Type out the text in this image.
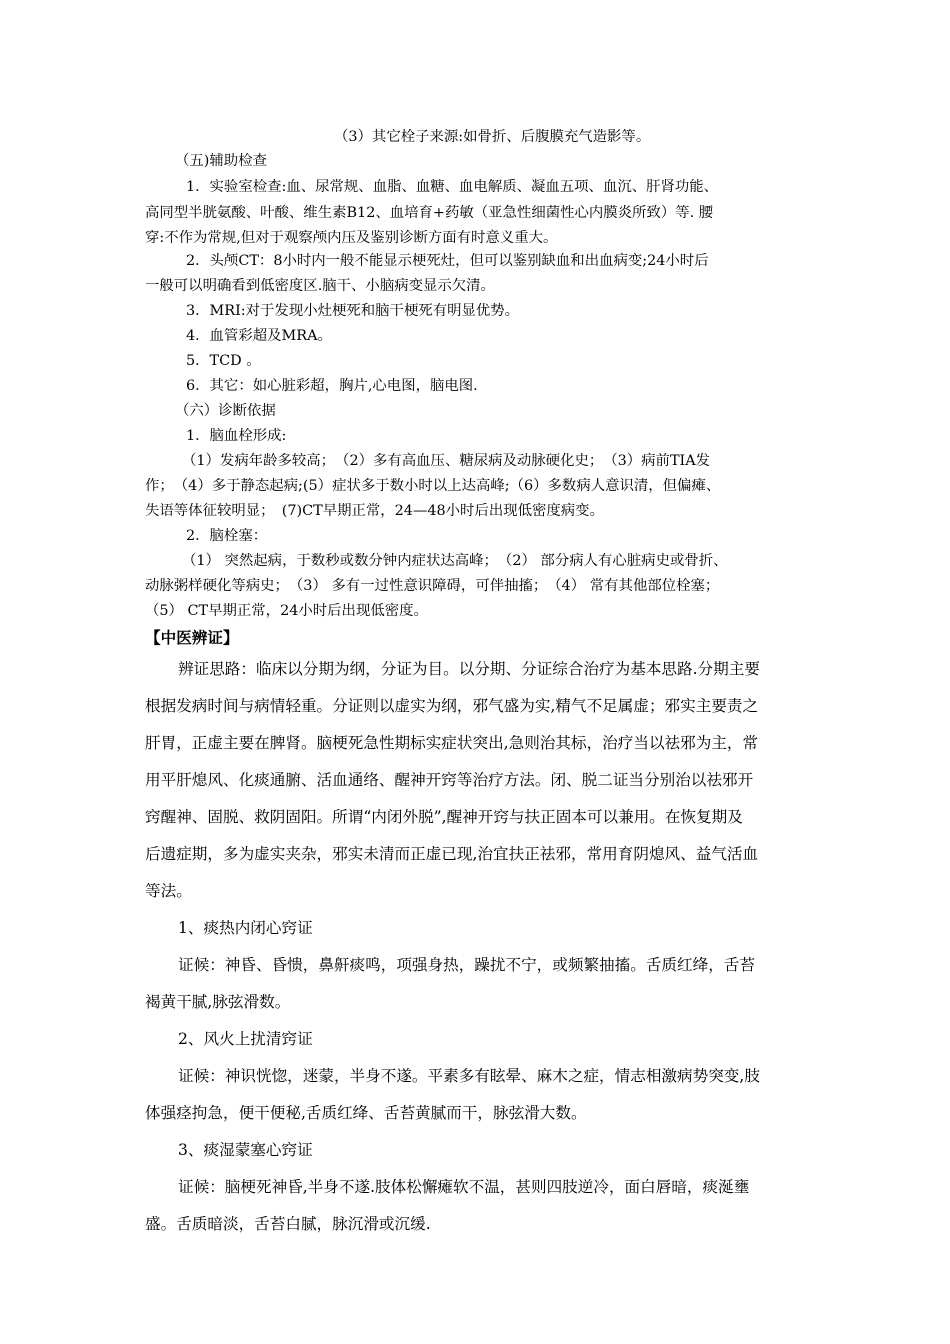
（3）其它栓子来源:如骨折、后腹膜充气造影等。
（五)辅助检查
1．实验室检查:血、尿常规、血脂、血糖、血电解质、凝血五项、血沉、肝肾功能、
高同型半胱氨酸、叶酸、维生素B12、血培育+药敏（亚急性细菌性心内膜炎所致）等. 腰
穿:不作为常规,但对于观察颅内压及鉴别诊断方面有时意义重大。
2．头颅CT：8小时内一般不能显示梗死灶，但可以鉴别缺血和出血病变;24小时后
一般可以明确看到低密度区.脑干、小脑病变显示欠清。
3．MRI:对于发现小灶梗死和脑干梗死有明显优势。
4．血管彩超及MRA。
5．TCD 。
6．其它：如心脏彩超，胸片,心电图，脑电图.
（六）诊断依据
1．脑血栓形成:
（1）发病年龄多较高；　（2）多有高血压、糖尿病及动脉硬化史；　（3）病前TIA发
作；　（4）多于静态起病;(5）症状多于数小时以上达高峰;（6）多数病人意识清，但偏瘫、
失语等体征较明显；　(7)CT早期正常，24—48小时后出现低密度病变。
2．脑栓塞：
（1） 突然起病，于数秒或数分钟内症状达高峰；　（2） 部分病人有心脏病史或骨折、
动脉粥样硬化等病史；　（3） 多有一过性意识障碍，可伴抽搐；　（4） 常有其他部位栓塞；
（5） CT早期正常，24小时后出现低密度。
【中医辨证】
辨证思路：临床以分期为纲，分证为目。以分期、分证综合治疗为基本思路.分期主要
根据发病时间与病情轻重。分证则以虚实为纲，邪气盛为实,精气不足属虚；邪实主要责之
肝胃，正虚主要在脾肾。脑梗死急性期标实症状突出,急则治其标，治疗当以祛邪为主，常
用平肝熄风、化痰通腑、活血通络、醒神开窍等治疗方法。闭、脱二证当分别治以祛邪开
窍醒神、固脱、救阴固阳。所谓“内闭外脱”,醒神开窍与扶正固本可以兼用。在恢复期及
后遗症期，多为虚实夹杂，邪实未清而正虚已现,治宜扶正祛邪，常用育阴熄风、益气活血
等法。
1、痰热内闭心窍证
证候：神昏、昏愦，鼻鼾痰鸣，项强身热，躁扰不宁，或频繁抽搐。舌质红绛，舌苔
褐黄干腻,脉弦滑数。
2、风火上扰清窍证
证候：神识恍惚，迷蒙，半身不遂。平素多有眩晕、麻木之症，情志相激病势突变,肢
体强痉拘急，便干便秘,舌质红绛、舌苔黄腻而干，脉弦滑大数。
3、痰湿蒙塞心窍证
证候：脑梗死神昏,半身不遂.肢体松懈瘫软不温，甚则四肢逆冷，面白唇暗，痰涎壅
盛。舌质暗淡，舌苔白腻，脉沉滑或沉缓.
